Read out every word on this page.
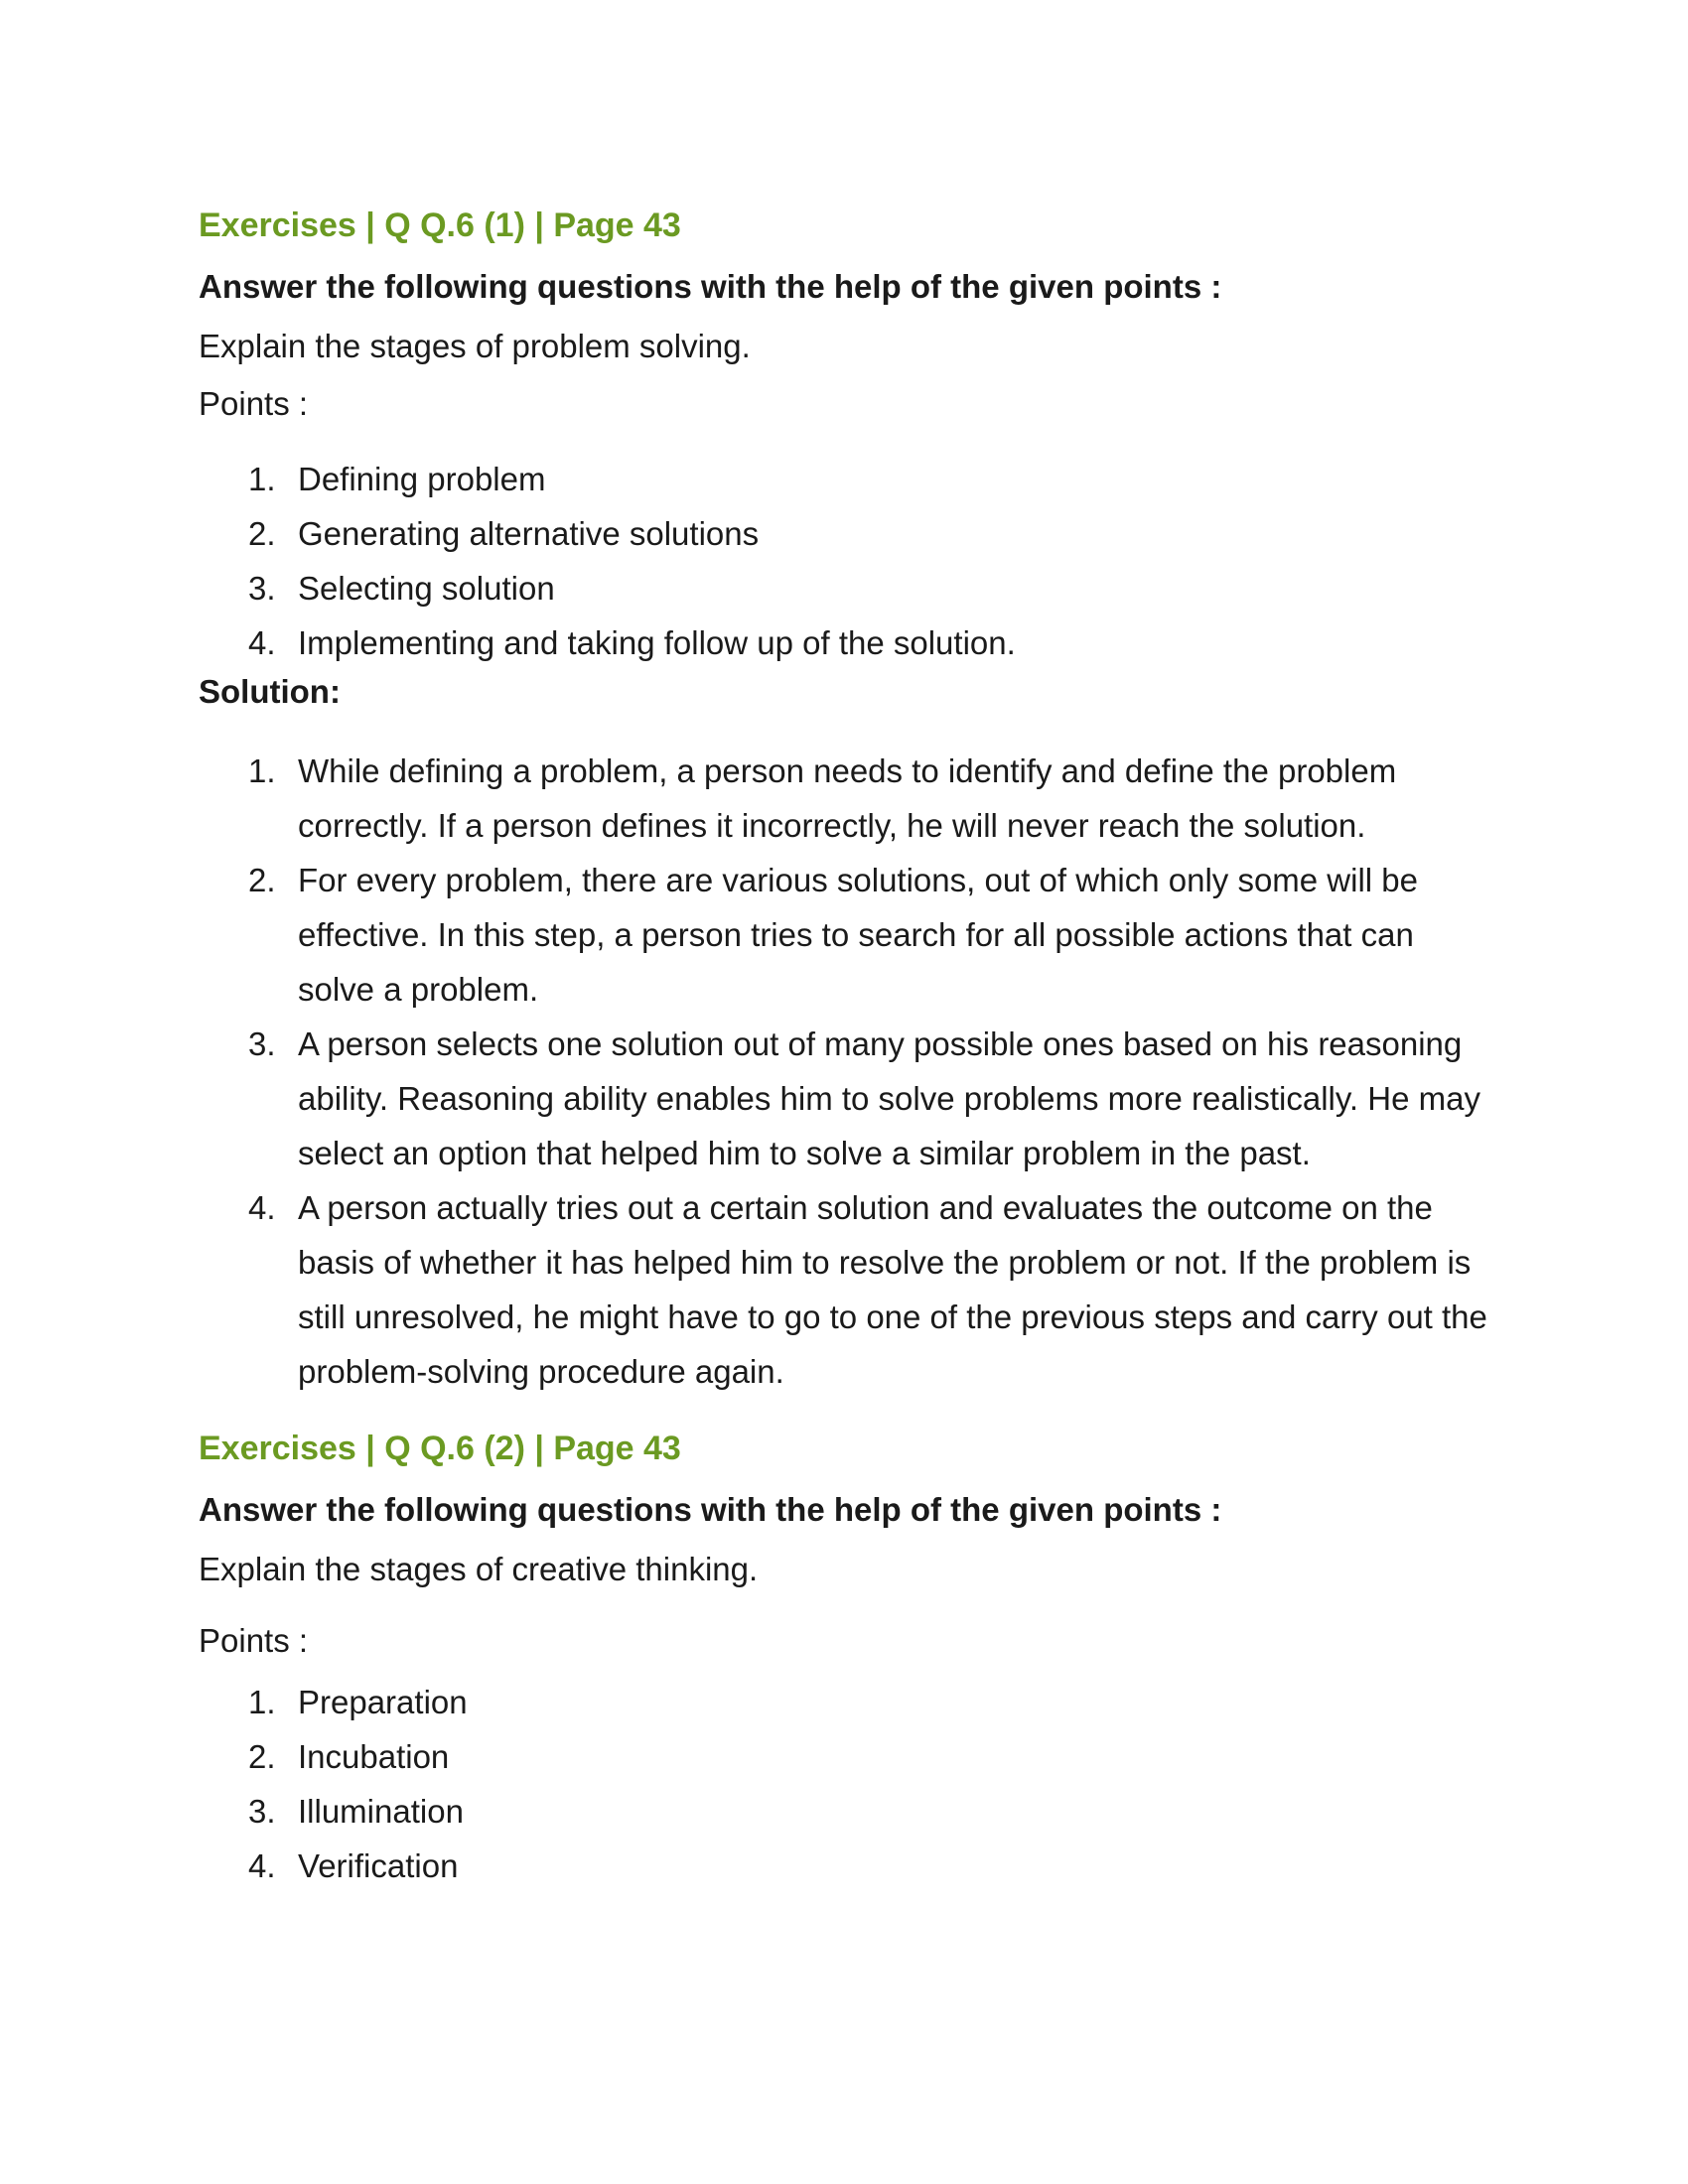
Exercises | Q Q.6 (1) | Page 43
Answer the following questions with the help of the given points :
Explain the stages of problem solving.
Points :
1. Defining problem
2. Generating alternative solutions
3. Selecting solution
4. Implementing and taking follow up of the solution.
Solution:
1. While defining a problem, a person needs to identify and define the problem correctly. If a person defines it incorrectly, he will never reach the solution.
2. For every problem, there are various solutions, out of which only some will be effective. In this step, a person tries to search for all possible actions that can solve a problem.
3. A person selects one solution out of many possible ones based on his reasoning ability. Reasoning ability enables him to solve problems more realistically. He may select an option that helped him to solve a similar problem in the past.
4. A person actually tries out a certain solution and evaluates the outcome on the basis of whether it has helped him to resolve the problem or not. If the problem is still unresolved, he might have to go to one of the previous steps and carry out the problem-solving procedure again.
Exercises | Q Q.6 (2) | Page 43
Answer the following questions with the help of the given points :
Explain the stages of creative thinking.
Points :
1. Preparation
2. Incubation
3. Illumination
4. Verification
